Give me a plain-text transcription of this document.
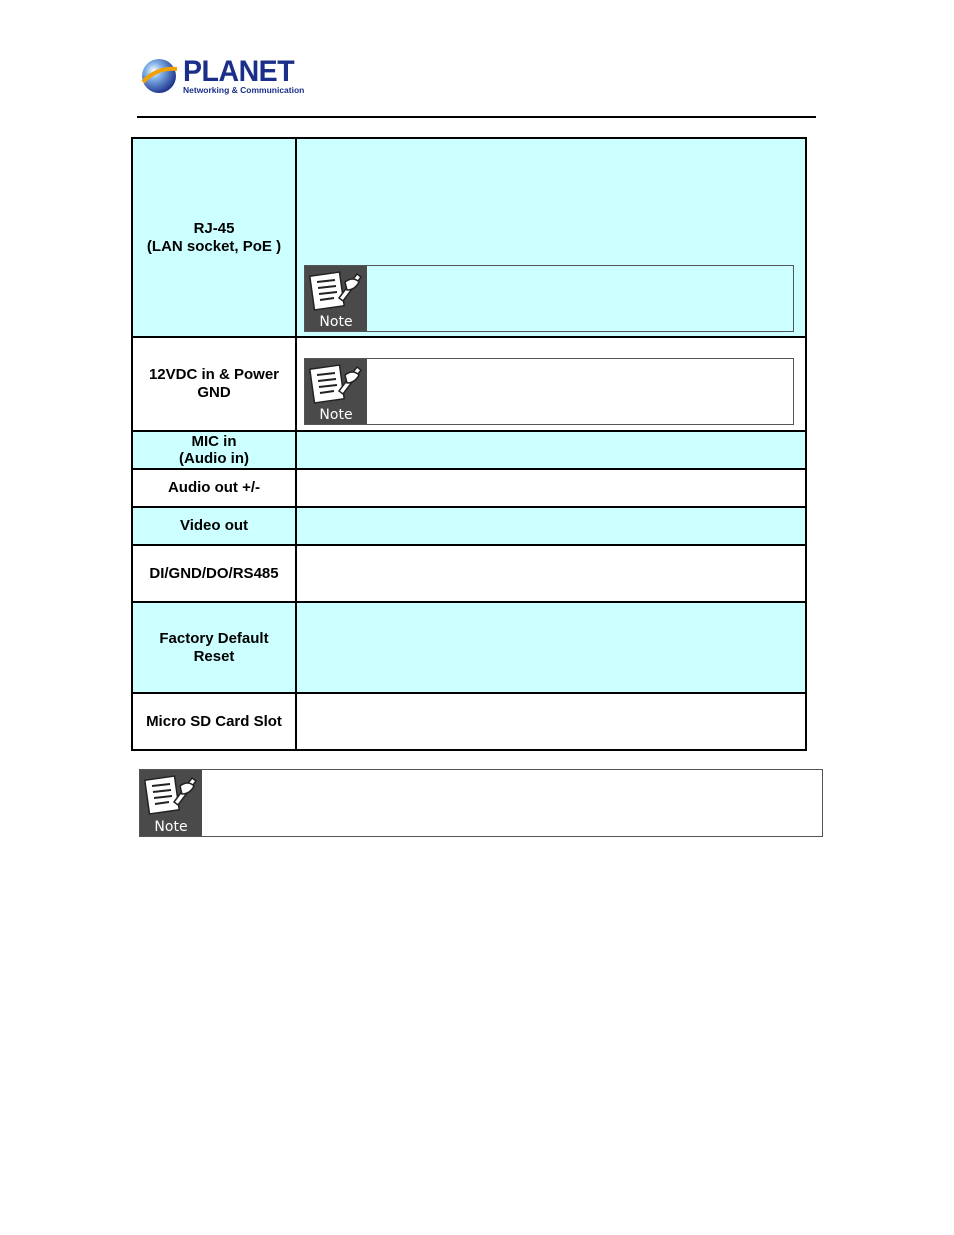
PLANET
Networking & Communication
RJ-45
(LAN socket, PoE )
Note
12VDC in & Power
GND
Note
MIC in
(Audio in)
Audio out +/-
Video out
DI/GND/DO/RS485
Factory Default
Reset
Micro SD Card Slot
Note
